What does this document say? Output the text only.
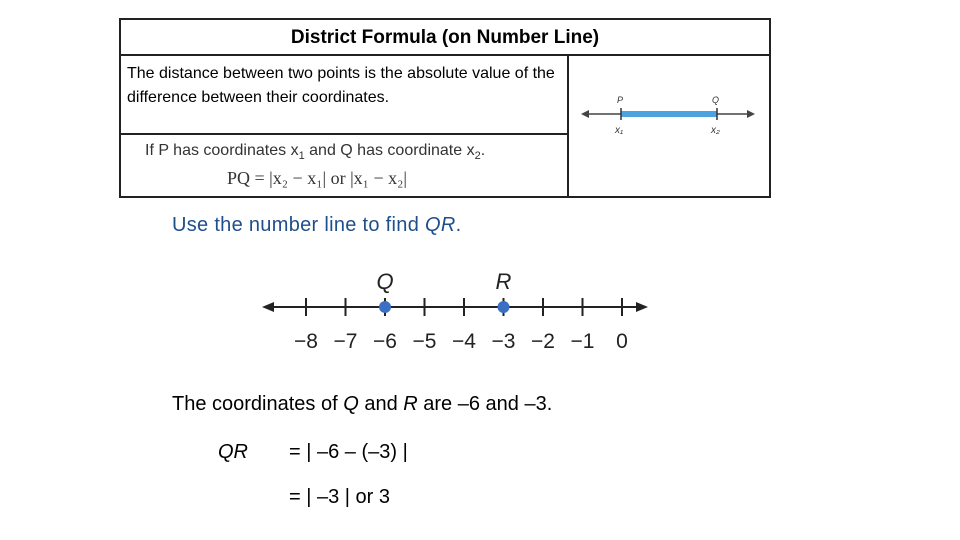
District Formula (on Number Line)
The distance between two points is the absolute value of the difference between their coordinates.
If P has coordinates $x_1$ and Q has coordinate $x_2$.
PQ = |x₂ − x₁| or |x₁ − x₂|
P	Q
x₁	x₂
Use the number line to find QR.
−8 −7 −6 −5 −4 −3 −2 −1 0
Q	R
The coordinates of Q and R are –6 and –3.
QR = | –6 – (–3) |
= | –3 | or 3
